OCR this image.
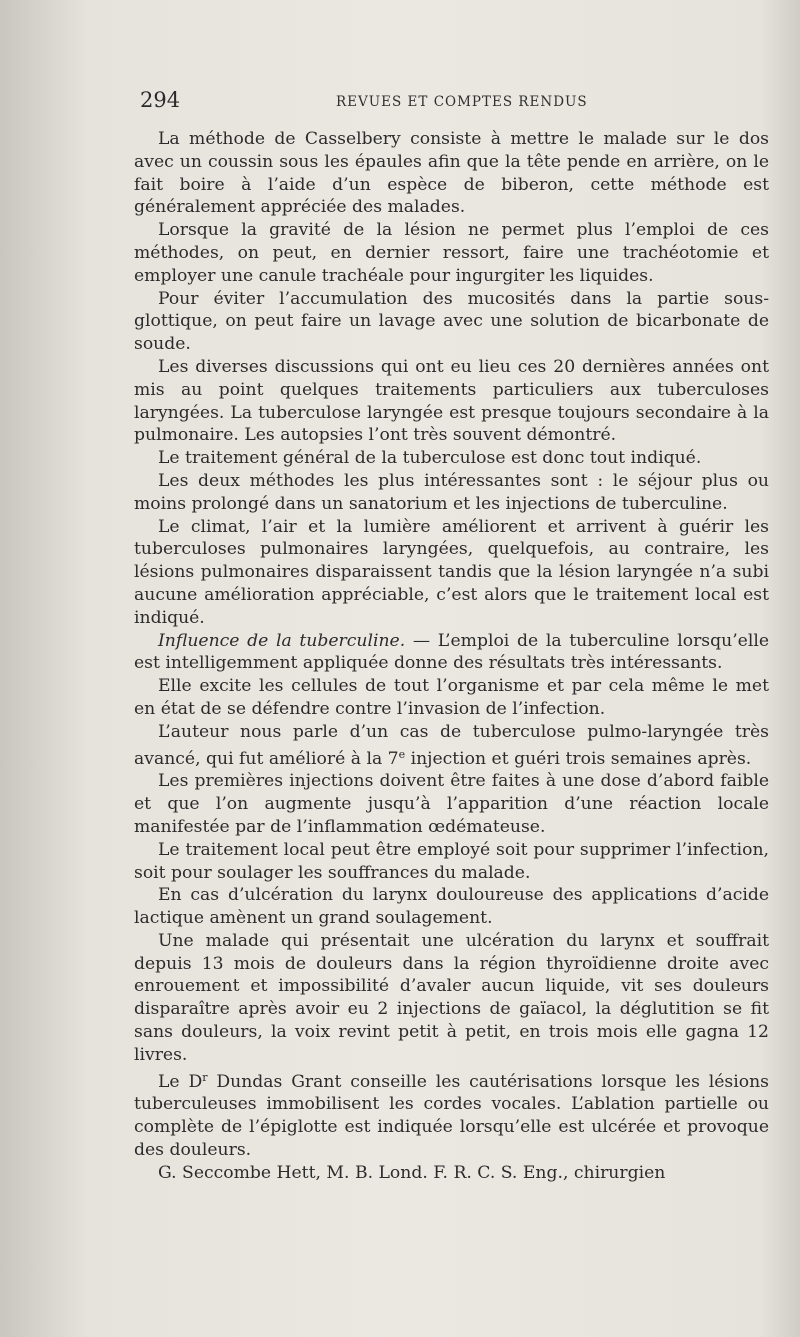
294	REVUES ET COMPTES RENDUS

La méthode de Casselbery consiste à mettre le malade sur le dos avec un coussin sous les épaules afin que la tête pende en arrière, on le fait boire à l’aide d’un espèce de biberon, cette méthode est généralement appréciée des malades.

Lorsque la gravité de la lésion ne permet plus l’emploi de ces méthodes, on peut, en dernier ressort, faire une trachéotomie et employer une canule trachéale pour ingurgiter les liquides.

Pour éviter l’accumulation des mucosités dans la partie sous-glottique, on peut faire un lavage avec une solution de bicarbonate de soude.

Les diverses discussions qui ont eu lieu ces 20 dernières années ont mis au point quelques traitements particuliers aux tuberculoses laryngées. La tuberculose laryngée est presque toujours secondaire à la pulmonaire. Les autopsies l’ont très souvent démontré.

Le traitement général de la tuberculose est donc tout indiqué.

Les deux méthodes les plus intéressantes sont : le séjour plus ou moins prolongé dans un sanatorium et les injections de tuberculine.

Le climat, l’air et la lumière améliorent et arrivent à guérir les tuberculoses pulmonaires laryngées, quelquefois, au contraire, les lésions pulmonaires disparaissent tandis que la lésion laryngée n’a subi aucune amélioration appréciable, c’est alors que le traitement local est indiqué.

Influence de la tuberculine. — L’emploi de la tuberculine lorsqu’elle est intelligemment appliquée donne des résultats très intéressants.

Elle excite les cellules de tout l’organisme et par cela même le met en état de se défendre contre l’invasion de l’infection.

L’auteur nous parle d’un cas de tuberculose pulmo-laryngée très avancé, qui fut amélioré à la 7e injection et guéri trois semaines après.

Les premières injections doivent être faites à une dose d’abord faible et que l’on augmente jusqu’à l’apparition d’une réaction locale manifestée par de l’inflammation œdémateuse.

Le traitement local peut être employé soit pour supprimer l’infection, soit pour soulager les souffrances du malade.

En cas d’ulcération du larynx douloureuse des applications d’acide lactique amènent un grand soulagement.

Une malade qui présentait une ulcération du larynx et souffrait depuis 13 mois de douleurs dans la région thyroïdienne droite avec enrouement et impossibilité d’avaler aucun liquide, vit ses douleurs disparaître après avoir eu 2 injections de gaïacol, la déglutition se fit sans douleurs, la voix revint petit à petit, en trois mois elle gagna 12 livres.

Le $D^r$ Dundas Grant conseille les cautérisations lorsque les lésions tuberculeuses immobilisent les cordes vocales. L’ablation partielle ou complète de l’épiglotte est indiquée lorsqu’elle est ulcérée et provoque des douleurs.

G. Seccombe Hett, M. B. Lond. F. R. C. S. Eng., chirurgien
